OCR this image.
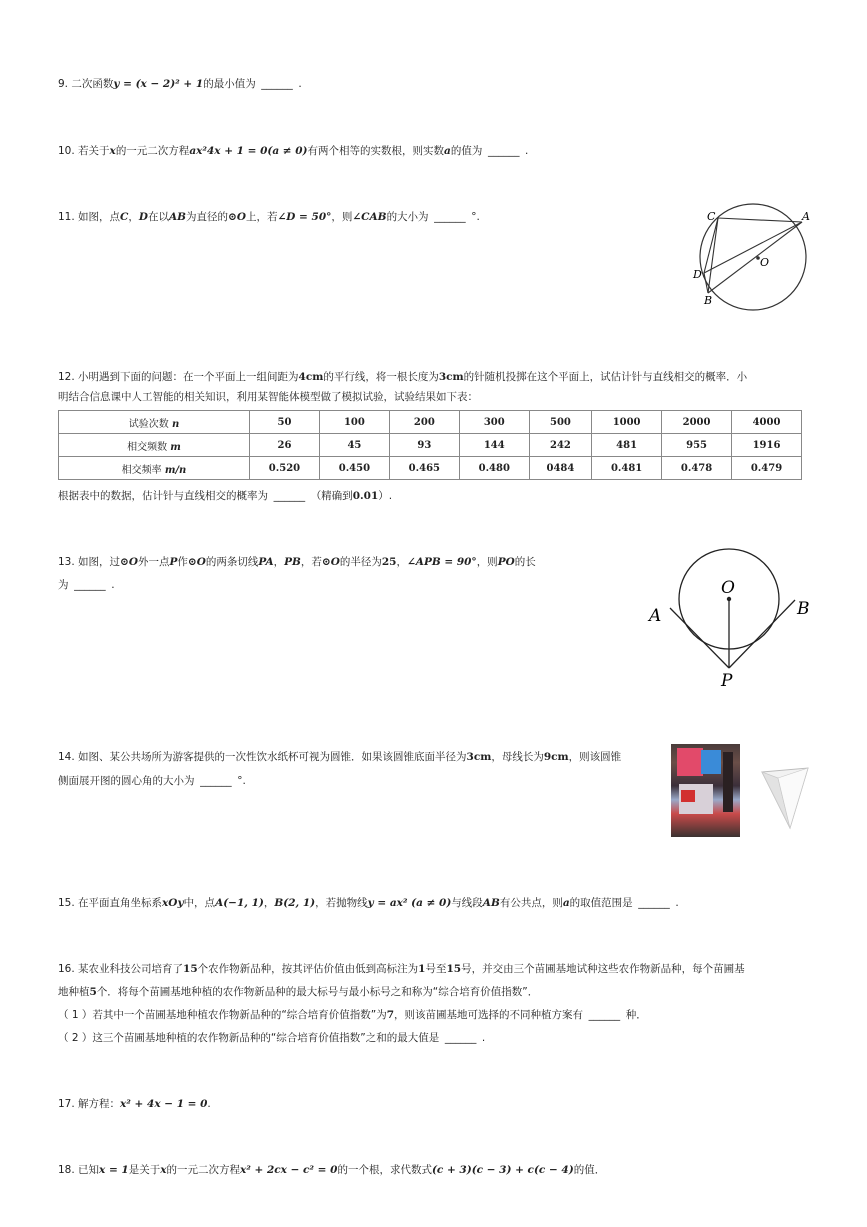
9. 二次函数y = (x − 2)² + 1的最小值为 ______ .
10. 若关于x的一元二次方程ax²4x + 1 = 0(a ≠ 0)有两个相等的实数根，则实数a的值为 ______ .
11. 如图，点C，D在以AB为直径的⊙O上，若∠D = 50°，则∠CAB的大小为 ______ °.	C	A
O
D
B
12. 小明遇到下面的问题：在一个平面上一组间距为4cm的平行线，将一根长度为3cm的针随机投掷在这个平面上，试估计针与直线相交的概率．小
明结合信息课中人工智能的相关知识，利用某智能体模型做了模拟试验，试验结果如下表：
试验次数 n	50	100	200	300	500	1000	2000	4000
相交频数 m	26	45	93	144	242	481	955	1916
相交频率 m/n	0.520	0.450	0.465	0.480	0484	0.481	0.478	0.479
根据表中的数据，估计针与直线相交的概率为 ______ （精确到0.01）.
13. 如图，过⊙O外一点P作⊙O的两条切线PA，PB，若⊙O的半径为25，∠APB = 90°，则PO的长
为 ______ .	O
A	B
P
14. 如图、某公共场所为游客提供的一次性饮水纸杯可视为圆锥．如果该圆锥底面半径为3cm，母线长为9cm，则该圆锥
侧面展开图的圆心角的大小为 ______ °.
15. 在平面直角坐标系xOy中，点A(−1, 1)，B(2, 1)，若抛物线y = ax² (a ≠ 0)与线段AB有公共点，则a的取值范围是 ______ .
16. 某农业科技公司培育了15个农作物新品种，按其评估价值由低到高标注为1号至15号，并交由三个苗圃基地试种这些农作物新品种，每个苗圃基
地种植5个．将每个苗圃基地种植的农作物新品种的最大标号与最小标号之和称为“综合培育价值指数”．
（ 1 ）若其中一个苗圃基地种植农作物新品种的“综合培育价值指数”为7，则该苗圃基地可选择的不同种植方案有 ______ 种．
（ 2 ）这三个苗圃基地种植的农作物新品种的“综合培育价值指数”之和的最大值是 ______ .
17. 解方程：x² + 4x − 1 = 0.
18. 已知x = 1是关于x的一元二次方程x² + 2cx − c² = 0的一个根，求代数式(c + 3)(c − 3) + c(c − 4)的值．
